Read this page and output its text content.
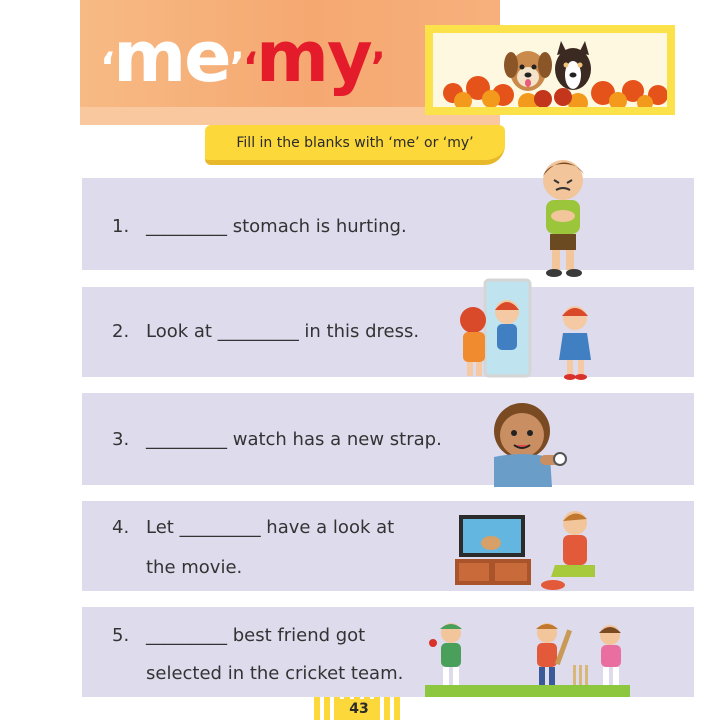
‘ me ’ ‘ my ’
Fill in the blanks with ‘me’ or ‘my’
1. _________ stomach is hurting.
2. Look at _________ in this dress.
3. _________ watch has a new strap.
4. Let _________ have a look at
the movie.
5. _________ best friend got
selected in the cricket team.
43
